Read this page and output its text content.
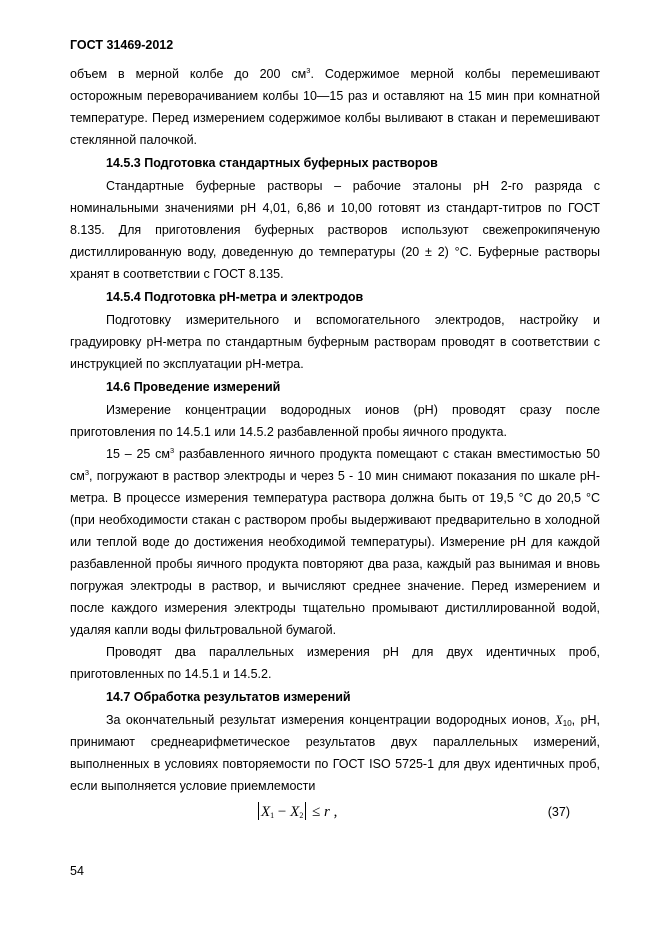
ГОСТ 31469-2012

объем в мерной колбе до 200 $см^3$. Содержимое мерной колбы перемешивают осторожным переворачиванием колбы 10—15 раз и оставляют на 15 мин при комнатной температуре. Перед измерением содержимое колбы выливают в стакан и перемешивают стеклянной палочкой.

14.5.3 Подготовка стандартных буферных растворов

Стандартные буферные растворы – рабочие эталоны рН 2-го разряда с номинальными значениями рН 4,01, 6,86 и 10,00 готовят из стандарт-титров по ГОСТ 8.135. Для приготовления буферных растворов используют свежепрокипяченую дистиллированную воду, доведенную до температуры (20 ± 2) °С. Буферные растворы хранят в соответствии с ГОСТ 8.135.

14.5.4 Подготовка рН-метра и электродов

Подготовку измерительного и вспомогательного электродов, настройку и градуировку рН-метра по стандартным буферным растворам проводят в соответствии с инструкцией по эксплуатации рН-метра.

14.6 Проведение измерений

Измерение концентрации водородных ионов (рН) проводят сразу после приготовления по 14.5.1 или 14.5.2 разбавленной пробы яичного продукта.

15 – 25 $см^3$ разбавленного яичного продукта помещают с стакан вместимостью 50 $см^3$, погружают в раствор электроды и через 5 - 10 мин снимают показания по шкале рН-метра. В процессе измерения температура раствора должна быть от 19,5 °С до 20,5 °С (при необходимости стакан с раствором пробы выдерживают предварительно в холодной или теплой воде до достижения необходимой температуры). Измерение рН для каждой разбавленной пробы яичного продукта повторяют два раза, каждый раз вынимая и вновь погружая электроды в раствор, и вычисляют среднее значение. Перед измерением и после каждого измерения электроды тщательно промывают дистиллированной водой, удаляя капли воды фильтровальной бумагой.

Проводят два параллельных измерения рН для двух идентичных проб, приготовленных по 14.5.1 и 14.5.2.

14.7 Обработка результатов измерений

За окончательный результат измерения концентрации водородных ионов, $X_{10}$, рН, принимают среднеарифметическое результатов двух параллельных измерений, выполненных в условиях повторяемости по ГОСТ ISO 5725-1 для двух идентичных проб, если выполняется условие приемлемости

$X_1 - X_2 \le r$ ,	(37)
54
